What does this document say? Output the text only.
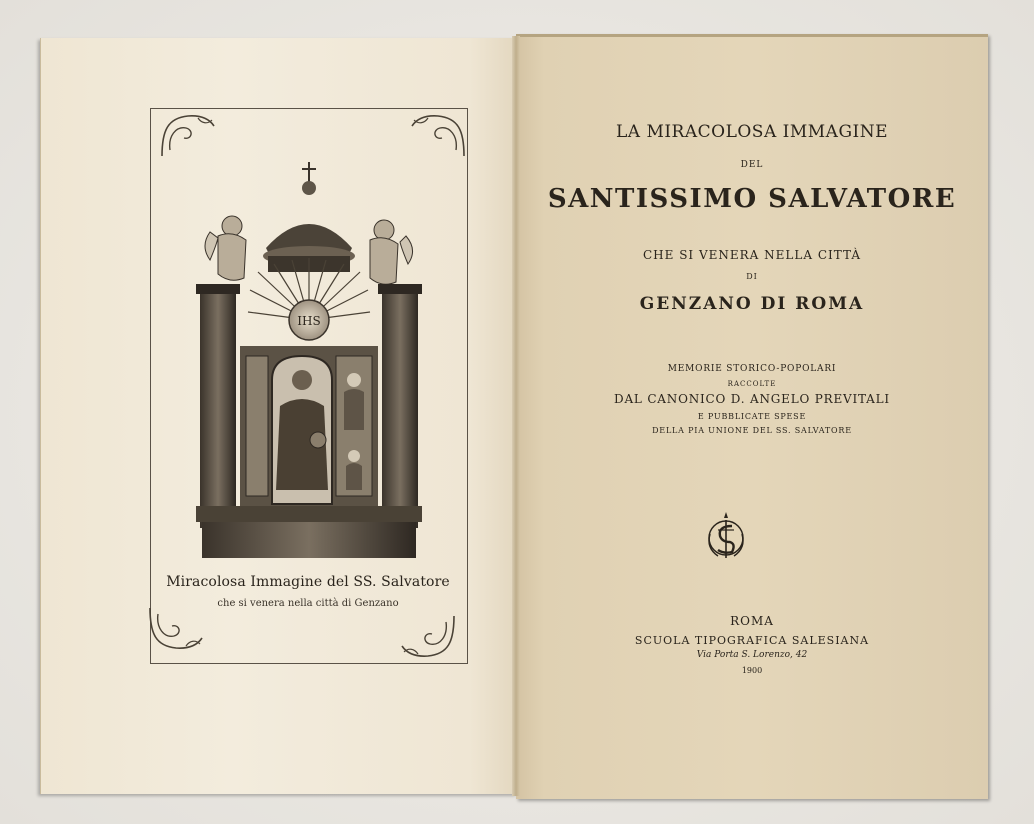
IHS
Miracolosa Immagine del SS. Salvatore
che si venera nella città di Genzano
LA MIRACOLOSA IMMAGINE
DEL
SANTISSIMO SALVATORE
CHE SI VENERA NELLA CITTÀ
DI
GENZANO DI ROMA
MEMORIE STORICO-POPOLARI
RACCOLTE
DAL CANONICO D. ANGELO PREVITALI
E PUBBLICATE SPESE
DELLA PIA UNIONE DEL SS. SALVATORE
ROMA
SCUOLA TIPOGRAFICA SALESIANA
Via Porta S. Lorenzo, 42
1900
